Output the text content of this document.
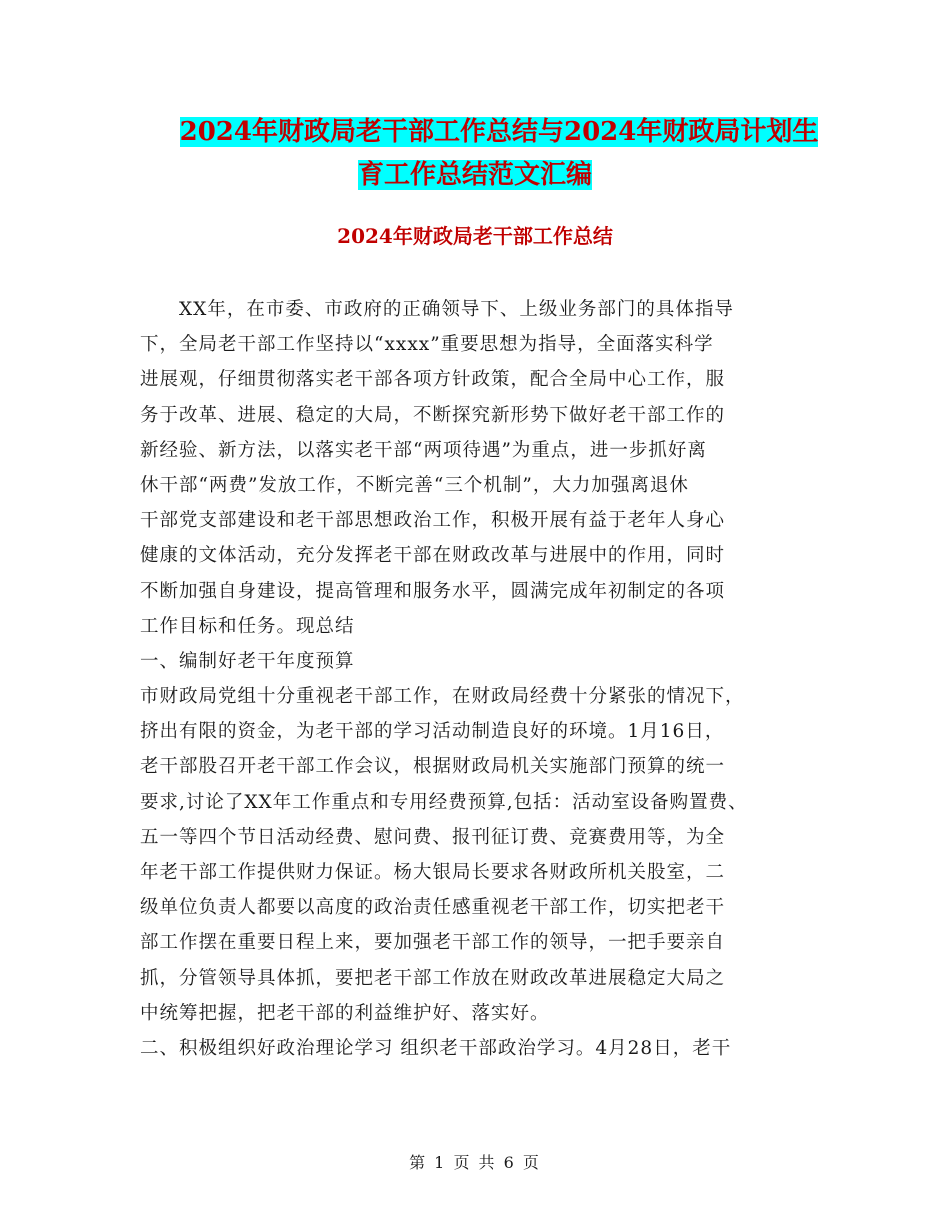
2024年财政局老干部工作总结与2024年财政局计划生
育工作总结范文汇编
2024年财政局老干部工作总结
　　XX年，在市委、市政府的正确领导下、上级业务部门的具体指导
下，全局老干部工作坚持以“xxxx”重要思想为指导，全面落实科学
进展观，仔细贯彻落实老干部各项方针政策，配合全局中心工作，服
务于改革、进展、稳定的大局，不断探究新形势下做好老干部工作的
新经验、新方法，以落实老干部“两项待遇”为重点，进一步抓好离
休干部“两费”发放工作，不断完善“三个机制”，大力加强离退休
干部党支部建设和老干部思想政治工作，积极开展有益于老年人身心
健康的文体活动，充分发挥老干部在财政改革与进展中的作用，同时
不断加强自身建设，提高管理和服务水平，圆满完成年初制定的各项
工作目标和任务。现总结
一、编制好老干年度预算
市财政局党组十分重视老干部工作，在财政局经费十分紧张的情况下，
挤出有限的资金，为老干部的学习活动制造良好的环境。1月16日，
老干部股召开老干部工作会议，根据财政局机关实施部门预算的统一
要求,讨论了XX年工作重点和专用经费预算,包括：活动室设备购置费、
五一等四个节日活动经费、慰问费、报刊征订费、竞赛费用等，为全
年老干部工作提供财力保证。杨大银局长要求各财政所机关股室，二
级单位负责人都要以高度的政治责任感重视老干部工作，切实把老干
部工作摆在重要日程上来，要加强老干部工作的领导，一把手要亲自
抓，分管领导具体抓，要把老干部工作放在财政改革进展稳定大局之
中统筹把握，把老干部的利益维护好、落实好。
二、积极组织好政治理论学习 组织老干部政治学习。4月28日，老干
第 1 页 共 6 页
